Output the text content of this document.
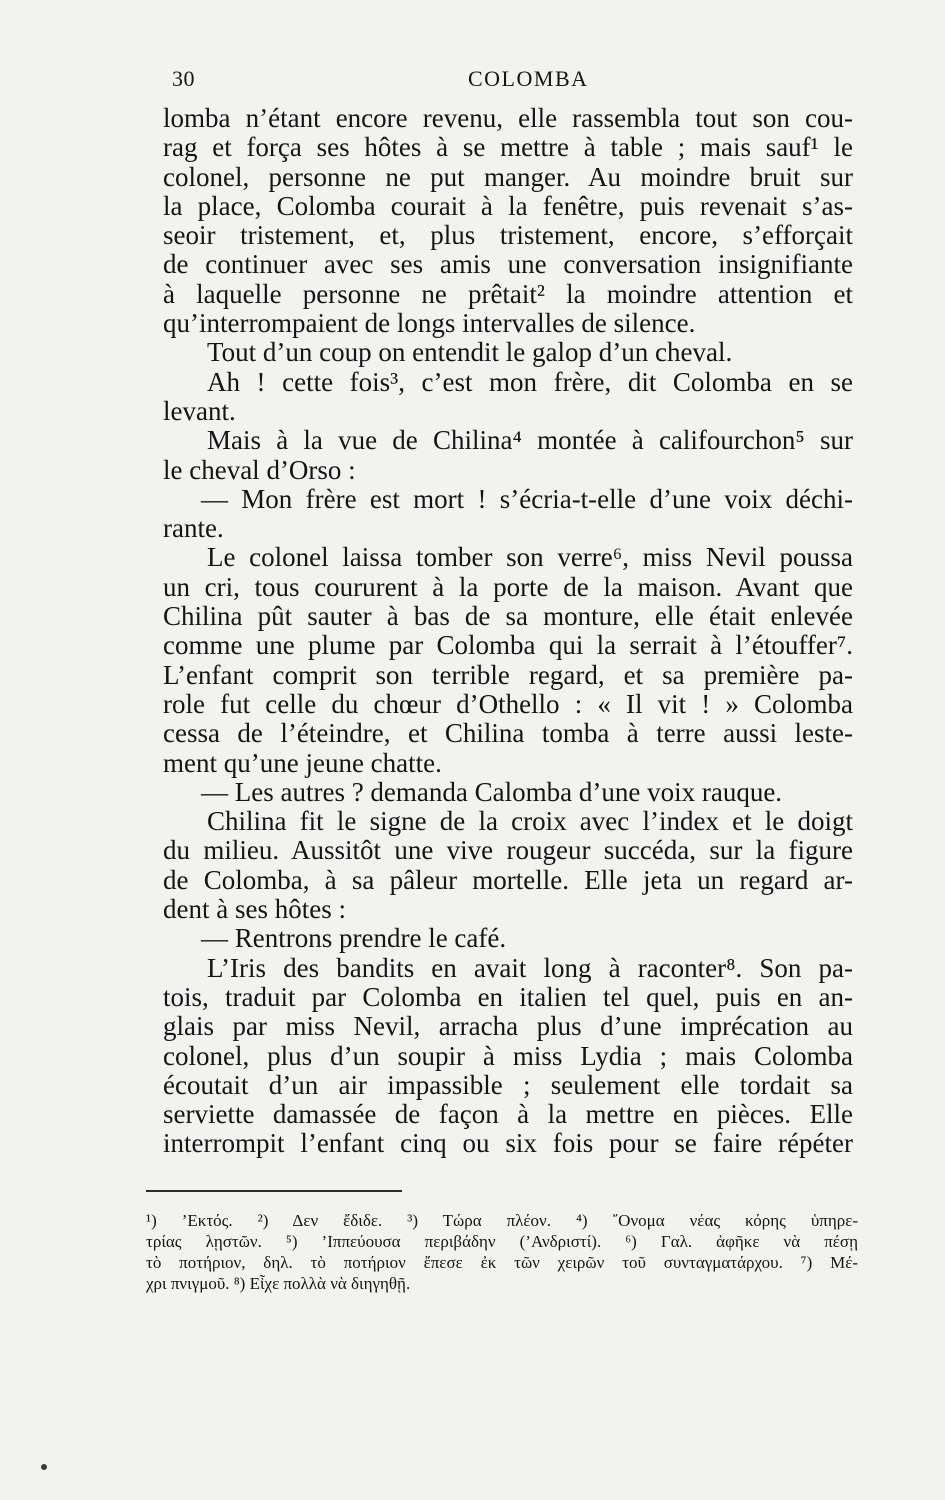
30	COLOMBA
lomba n’étant encore revenu, elle rassembla tout son cou-
rag et força ses hôtes à se mettre à table ; mais sauf¹ le
colonel, personne ne put manger. Au moindre bruit sur
la place, Colomba courait à la fenêtre, puis revenait s’as-
seoir tristement, et, plus tristement, encore, s’efforçait
de continuer avec ses amis une conversation insignifiante
à laquelle personne ne prêtait² la moindre attention et
qu’interrompaient de longs intervalles de silence.
Tout d’un coup on entendit le galop d’un cheval.
Ah ! cette fois³, c’est mon frère, dit Colomba en se
levant.
Mais à la vue de Chilina⁴ montée à califourchon⁵ sur
le cheval d’Orso :
— Mon frère est mort ! s’écria-t-elle d’une voix déchi-
rante.
Le colonel laissa tomber son verre⁶, miss Nevil poussa
un cri, tous coururent à la porte de la maison. Avant que
Chilina pût sauter à bas de sa monture, elle était enlevée
comme une plume par Colomba qui la serrait à l’étouffer⁷.
L’enfant comprit son terrible regard, et sa première pa-
role fut celle du chœur d’Othello : « Il vit ! » Colomba
cessa de l’éteindre, et Chilina tomba à terre aussi leste-
ment qu’une jeune chatte.
— Les autres ? demanda Calomba d’une voix rauque.
Chilina fit le signe de la croix avec l’index et le doigt
du milieu. Aussitôt une vive rougeur succéda, sur la figure
de Colomba, à sa pâleur mortelle. Elle jeta un regard ar-
dent à ses hôtes :
— Rentrons prendre le café.
L’Iris des bandits en avait long à raconter⁸. Son pa-
tois, traduit par Colomba en italien tel quel, puis en an-
glais par miss Nevil, arracha plus d’une imprécation au
colonel, plus d’un soupir à miss Lydia ; mais Colomba
écoutait d’un air impassible ; seulement elle tordait sa
serviette damassée de façon à la mettre en pièces. Elle
interrompit l’enfant cinq ou six fois pour se faire répéter
¹) ’Εκτός. ²) Δεν ἔδιδε. ³) Τώρα πλέον. ⁴) ῎Ονομα νέας κόρης ὑπηρε-
τρίας λῃστῶν. ⁵) ’Ιππεύουσα περιβάδην (’Ανδριστί). ⁶) Γαλ. ἀφῆκε νὰ πέσῃ
τὸ ποτήριον, δηλ. τὸ ποτήριον ἔπεσε ἐκ τῶν χειρῶν τοῦ συνταγματάρχου. ⁷) Μέ-
χρι πνιγμοῦ. ⁸) Εἶχε πολλὰ νὰ διηγηθῇ.
